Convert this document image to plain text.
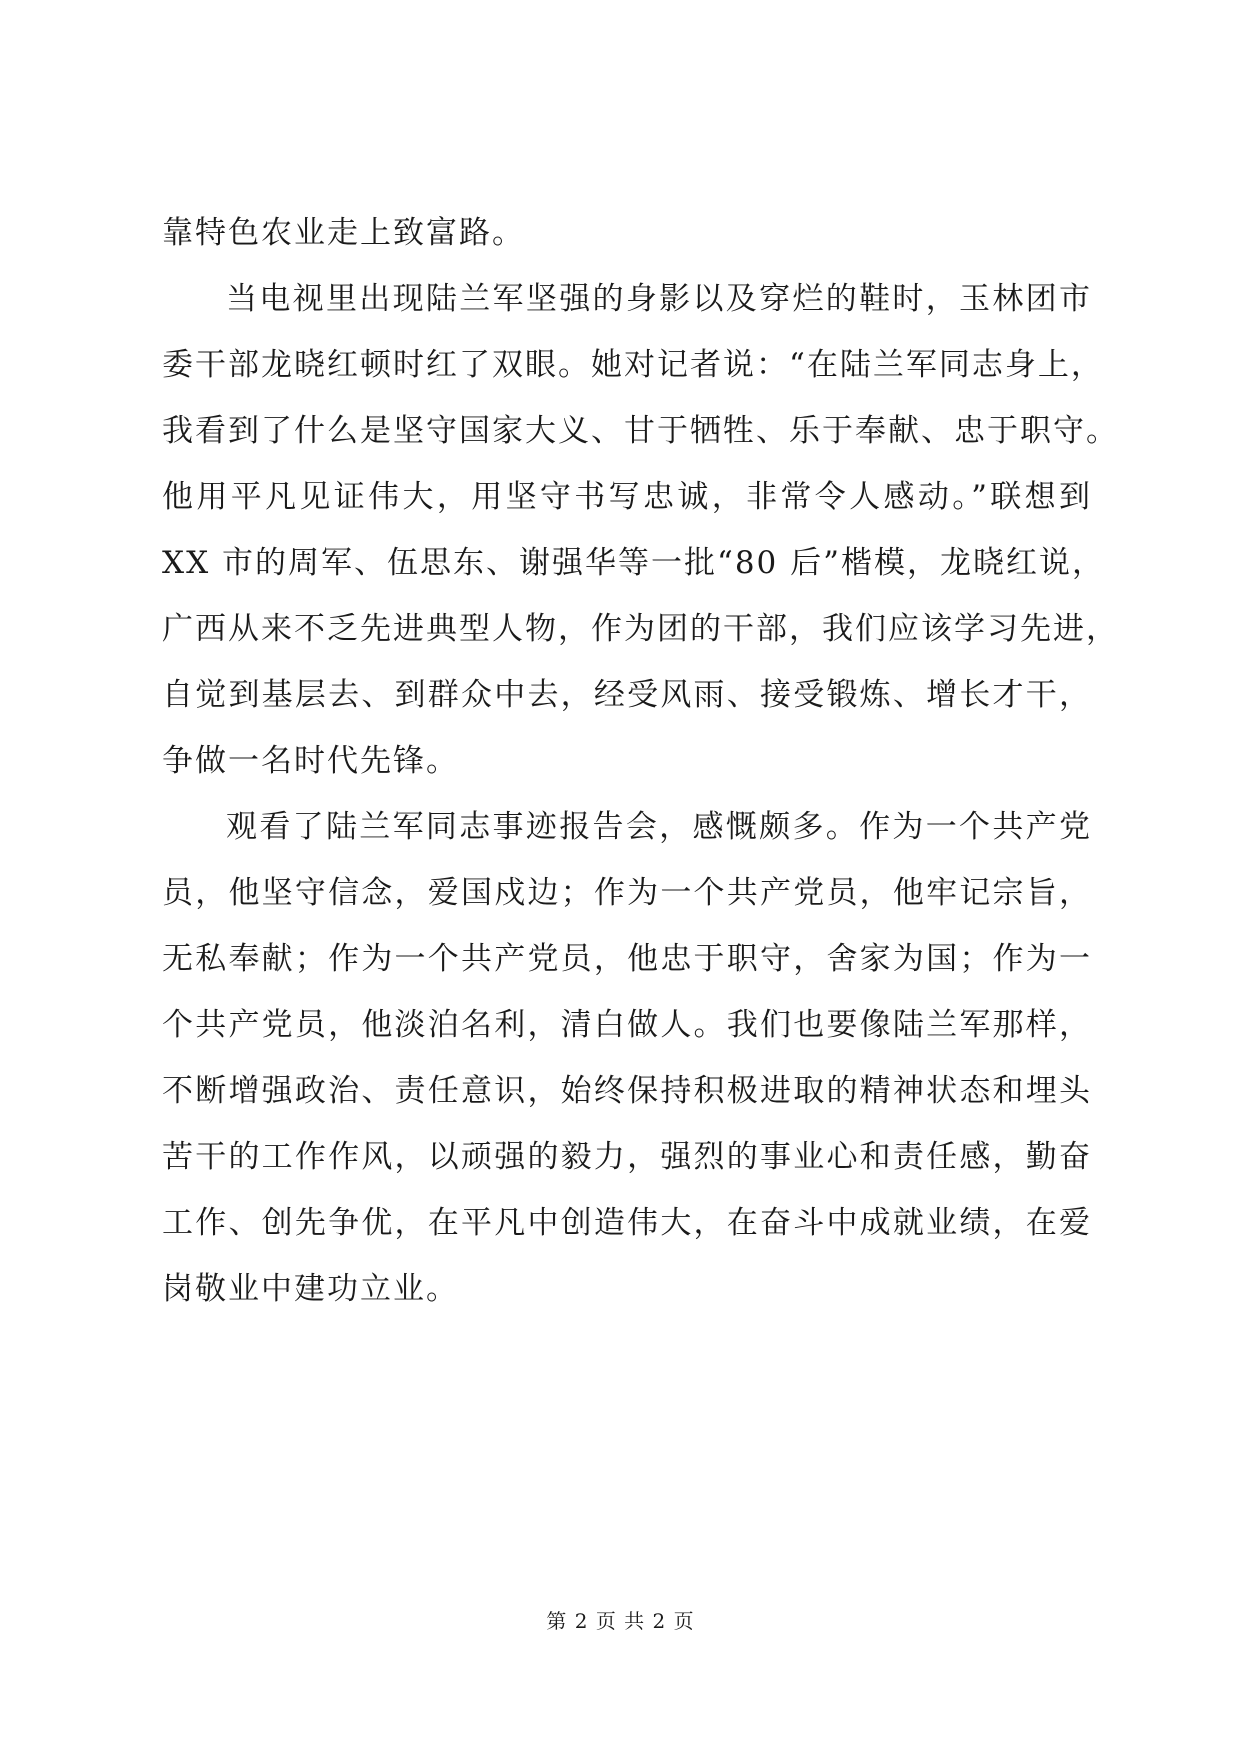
靠特色农业走上致富路。
当电视里出现陆兰军坚强的身影以及穿烂的鞋时，玉林团市
委干部龙晓红顿时红了双眼。她对记者说：“在陆兰军同志身上，
我看到了什么是坚守国家大义、甘于牺牲、乐于奉献、忠于职守。
他用平凡见证伟大，用坚守书写忠诚，非常令人感动。”联想到
XX 市的周军、伍思东、谢强华等一批“80 后”楷模，龙晓红说，
广西从来不乏先进典型人物，作为团的干部，我们应该学习先进，
自觉到基层去、到群众中去，经受风雨、接受锻炼、增长才干，
争做一名时代先锋。
观看了陆兰军同志事迹报告会，感慨颇多。作为一个共产党
员，他坚守信念，爱国戍边；作为一个共产党员，他牢记宗旨，
无私奉献；作为一个共产党员，他忠于职守，舍家为国；作为一
个共产党员，他淡泊名利，清白做人。我们也要像陆兰军那样，
不断增强政治、责任意识，始终保持积极进取的精神状态和埋头
苦干的工作作风，以顽强的毅力，强烈的事业心和责任感，勤奋
工作、创先争优，在平凡中创造伟大，在奋斗中成就业绩，在爱
岗敬业中建功立业。
第 2 页 共 2 页
